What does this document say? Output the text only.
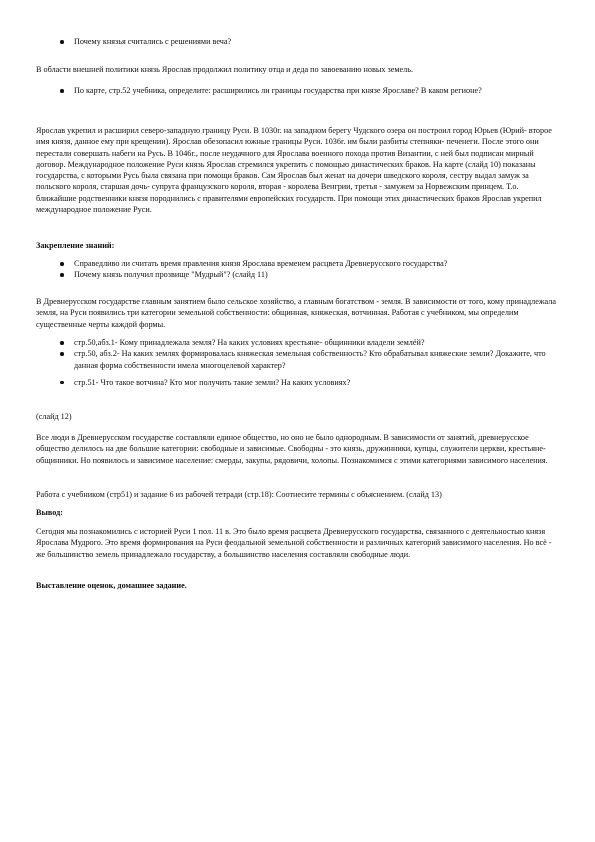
Почему князья считались с решениями веча?

В области внешней политики князь Ярослав продолжил политику отца и деда по завоеванию новых земель.

По карте, стр.52 учебника, определите: расширились ли границы государства при князе Ярославе? В каком регионе?

Ярослав укрепил и расширил северо-западную границу Руси. В 1030г. на западном берегу Чудского озера он построил город Юрьев (Юрий- второе имя князя, данное ему при крещении). Ярослав обезопасил южные границы Руси. 1036г. им были разбиты степняки- печенеги. После этого они перестали совершать набеги на Русь. В 1046г., после неудачного для Ярослава военного похода против Византии, с ней был подписан мирный договор. Международное положение Руси князь Ярослав стремился укрепить с помощью династических браков. На карте (слайд 10) показаны государства, с которыми Русь была связана при помощи браков. Сам Ярослав был женат на дочери шведского короля, сестру выдал замуж за польского короля, старшая дочь- супруга французского короля, вторая - королева Венгрии, третья - замужем за Норвежским принцем. Т.о. ближайшие родственники князя породнились с правителями европейских государств. При помощи этих династических браков Ярослав укрепил международное положение Руси.

Закрепление знаний:

Справедливо ли считать время правления князя Ярослава временем расцвета Древнерусского государства?
Почему князь получил прозвище "Мудрый"? (слайд 11)

В Древнерусском государстве главным занятием было сельское хозяйство, а главным богатством - земля. В зависимости от того, кому принадлежала земля, на Руси появились три категории земельной собственности: общинная, княжеская, вотчинная. Работая с учебником, мы определим существенные черты каждой формы.

стр.50,абз.1- Кому принадлежала земля? На каких условиях крестьяне- общинники владели землёй?
стр.50, абз.2- На каких землях формировалась княжеская земельная собственность? Кто обрабатывал княжеские земли? Докажите, что данная форма собственности имела многоцелевой характер?
стр.51- Что такое вотчина? Кто мог получить такие земли? На каких условиях?

(слайд 12)

Все люди в Древнерусском государстве составляли единое общество, но оно не было однородным. В зависимости от занятий, древнерусское общество делилось на две большие категории: свободные и зависимые. Свободны - это князь, дружинники, купцы, служители церкви, крестьяне-общинники. Но появилось и зависимое население: смерды, закупы, рядовичи, холопы. Познакомимся с этими категориями зависимого населения.

Работа с учебником (стр51) и задание 6 из рабочей тетради (стр.18): Соотнесите термины с объяснением. (слайд 13)

Вывод:

Сегодня мы познакомились с историей Руси 1 пол. 11 в. Это было время расцвета Древнерусского государства, связанного с деятельностью князя Ярослава Мудрого. Это время формирования на Руси феодальной земельной собственности и различных категорий зависимого населения. Но всё - же большинство земель принадлежало государству, а большинство населения составляли свободные люди.

Выставление оценок, домашнее задание.
